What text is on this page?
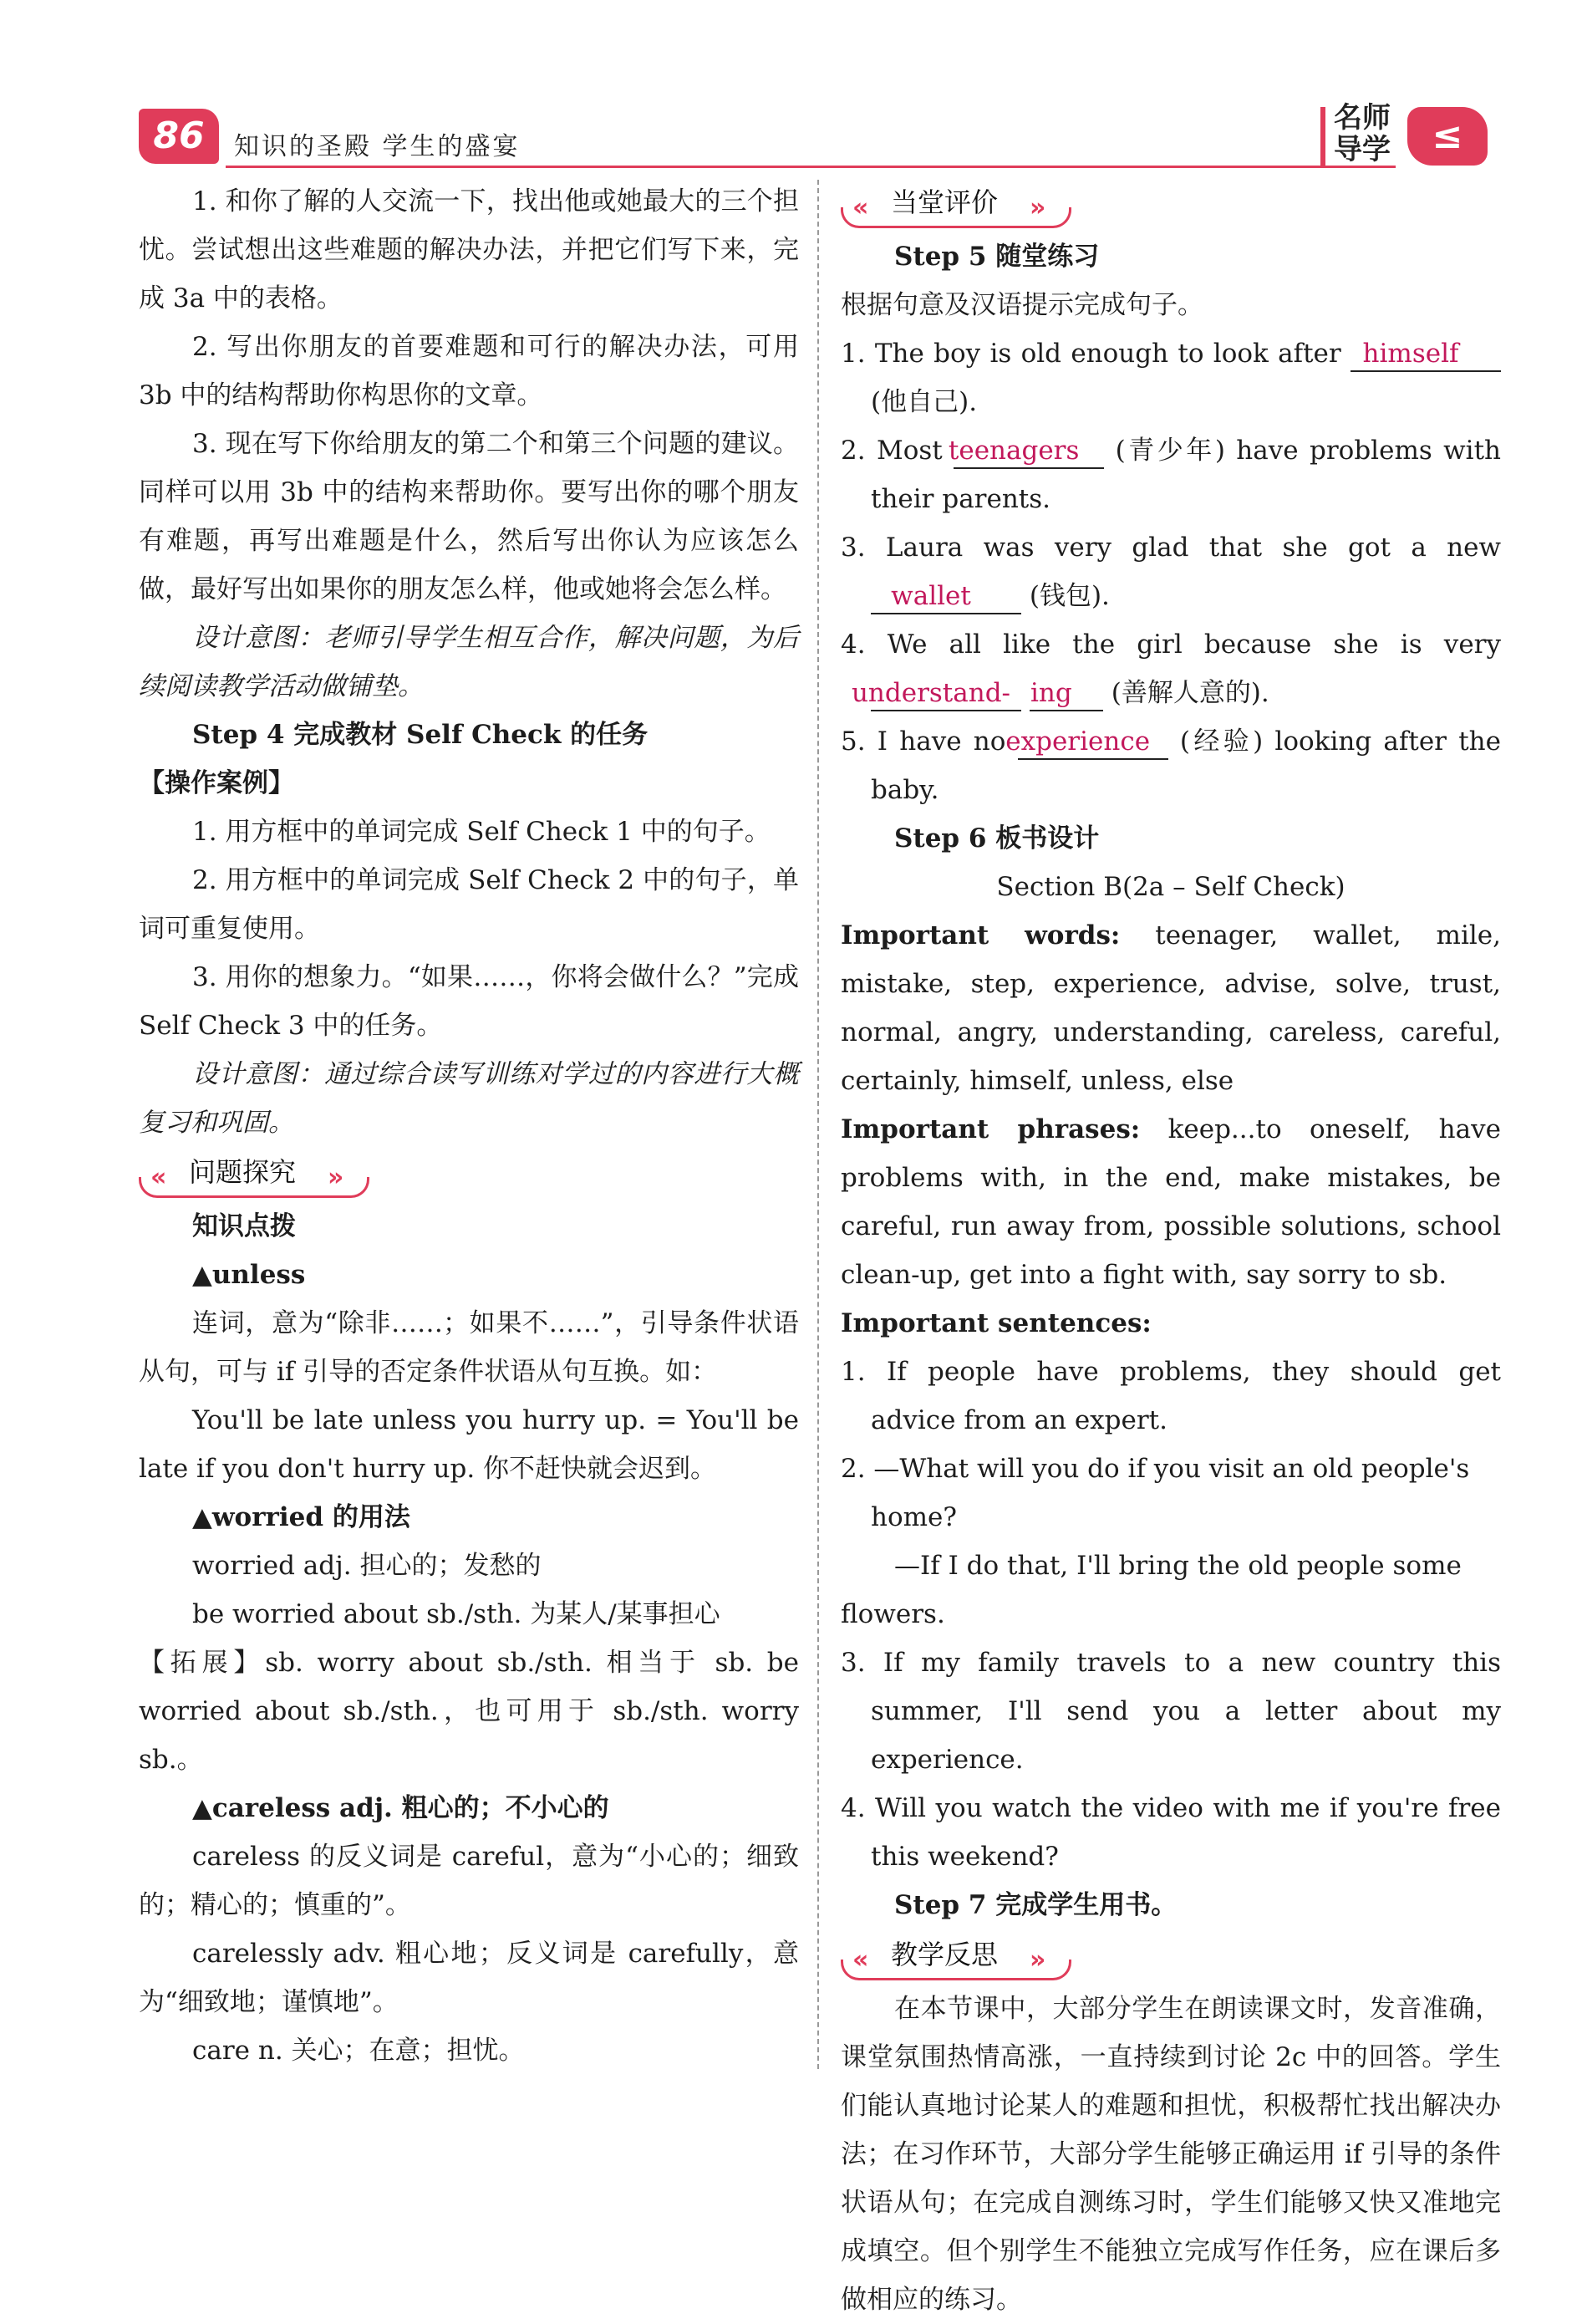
86	知识的圣殿 学生的盛宴
名师导学	≤

1. 和你了解的人交流一下，找出他或她最大的三个担忧。尝试想出这些难题的解决办法，并把它们写下来，完成 3a 中的表格。

2. 写出你朋友的首要难题和可行的解决办法，可用 3b 中的结构帮助你构思你的文章。

3. 现在写下你给朋友的第二个和第三个问题的建议。同样可以用 3b 中的结构来帮助你。要写出你的哪个朋友有难题，再写出难题是什么，然后写出你认为应该怎么做，最好写出如果你的朋友怎么样，他或她将会怎么样。

设计意图：老师引导学生相互合作，解决问题，为后续阅读教学活动做铺垫。

Step 4 完成教材 Self Check 的任务

【操作案例】

1. 用方框中的单词完成 Self Check 1 中的句子。

2. 用方框中的单词完成 Self Check 2 中的句子，单词可重复使用。

3. 用你的想象力。“如果……，你将会做什么？”完成 Self Check 3 中的任务。

设计意图：通过综合读写训练对学过的内容进行大概复习和巩固。

« 问题探究 »

知识点拨

▲unless

连词，意为“除非……；如果不……”，引导条件状语从句，可与 if 引导的否定条件状语从句互换。如：

You'll be late unless you hurry up. = You'll be late if you don't hurry up. 你不赶快就会迟到。

▲worried 的用法

worried adj. 担心的；发愁的

be worried about sb./sth. 为某人/某事担心

【拓展】sb. worry about sb./sth. 相当于 sb. be worried about sb./sth.，也可用于 sb./sth. worry sb.。

▲careless adj. 粗心的；不小心的

careless 的反义词是 careful，意为“小心的；细致的；精心的；慎重的”。

carelessly adv. 粗心地；反义词是 carefully，意为“细致地；谨慎地”。

care n. 关心；在意；担忧。

« 当堂评价 »

Step 5 随堂练习

根据句意及汉语提示完成句子。

1. The boy is old enough to look after himself (他自己).

2. Most teenagers (青少年) have problems with their parents.

3. Laura was very glad that she got a new wallet (钱包).

4. We all like the girl because she is very understand- ing (善解人意的).

5. I have no experience (经验) looking after the baby.

Step 6 板书设计

Section B(2a – Self Check)

Important words: teenager, wallet, mile, mistake, step, experience, advise, solve, trust, normal, angry, understanding, careless, careful, certainly, himself, unless, else

Important phrases: keep...to oneself, have problems with, in the end, make mistakes, be careful, run away from, possible solutions, school clean-up, get into a fight with, say sorry to sb.

Important sentences:

1. If people have problems, they should get advice from an expert.

2. —What will you do if you visit an old people's home?

—If I do that, I'll bring the old people some flowers.

3. If my family travels to a new country this summer, I'll send you a letter about my experience.

4. Will you watch the video with me if you're free this weekend?

Step 7 完成学生用书。

« 教学反思 »

在本节课中，大部分学生在朗读课文时，发音准确，课堂氛围热情高涨，一直持续到讨论 2c 中的回答。学生们能认真地讨论某人的难题和担忧，积极帮忙找出解决办法；在习作环节，大部分学生能够正确运用 if 引导的条件状语从句；在完成自测练习时，学生们能够又快又准地完成填空。但个别学生不能独立完成写作任务，应在课后多做相应的练习。
